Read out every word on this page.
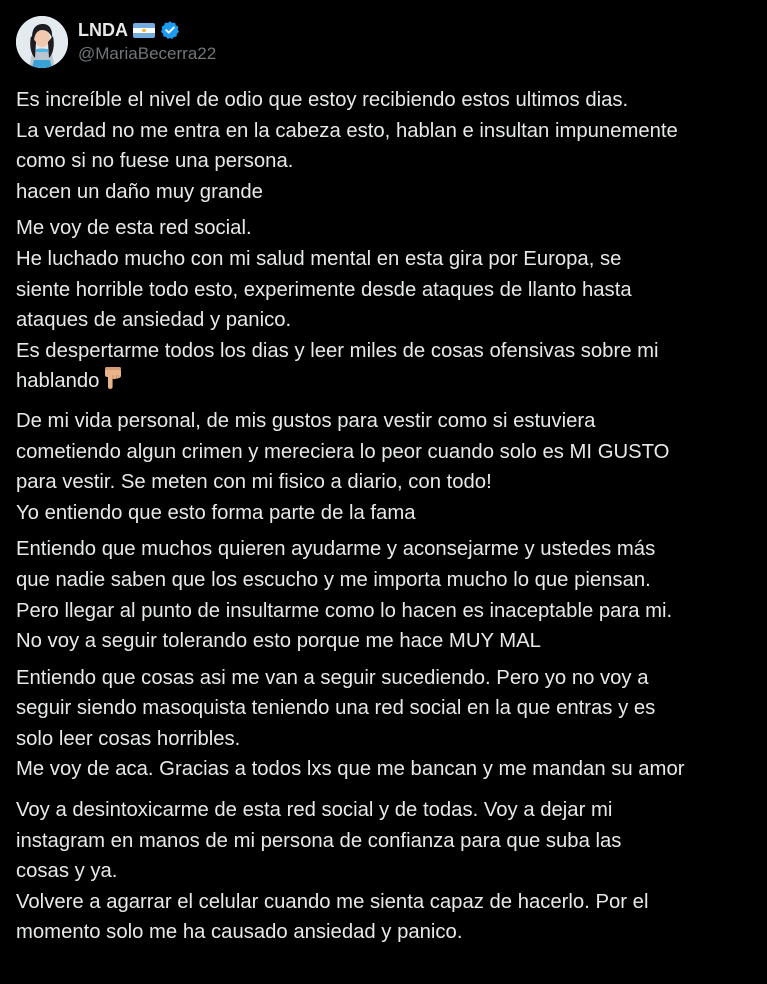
LNDA
@MariaBecerra22
Es increíble el nivel de odio que estoy recibiendo estos ultimos dias.
La verdad no me entra en la cabeza esto, hablan e insultan impunemente
como si no fuese una persona.
hacen un daño muy grande
Me voy de esta red social.
He luchado mucho con mi salud mental en esta gira por Europa, se
siente horrible todo esto, experimente desde ataques de llanto hasta
ataques de ansiedad y panico.
Es despertarme todos los dias y leer miles de cosas ofensivas sobre mi
hablando
De mi vida personal, de mis gustos para vestir como si estuviera
cometiendo algun crimen y mereciera lo peor cuando solo es MI GUSTO
para vestir. Se meten con mi fisico a diario, con todo!
Yo entiendo que esto forma parte de la fama
Entiendo que muchos quieren ayudarme y aconsejarme y ustedes más
que nadie saben que los escucho y me importa mucho lo que piensan.
Pero llegar al punto de insultarme como lo hacen es inaceptable para mi.
No voy a seguir tolerando esto porque me hace MUY MAL
Entiendo que cosas asi me van a seguir sucediendo. Pero yo no voy a
seguir siendo masoquista teniendo una red social en la que entras y es
solo leer cosas horribles.
Me voy de aca. Gracias a todos lxs que me bancan y me mandan su amor
Voy a desintoxicarme de esta red social y de todas. Voy a dejar mi
instagram en manos de mi persona de confianza para que suba las
cosas y ya.
Volvere a agarrar el celular cuando me sienta capaz de hacerlo. Por el
momento solo me ha causado ansiedad y panico.
